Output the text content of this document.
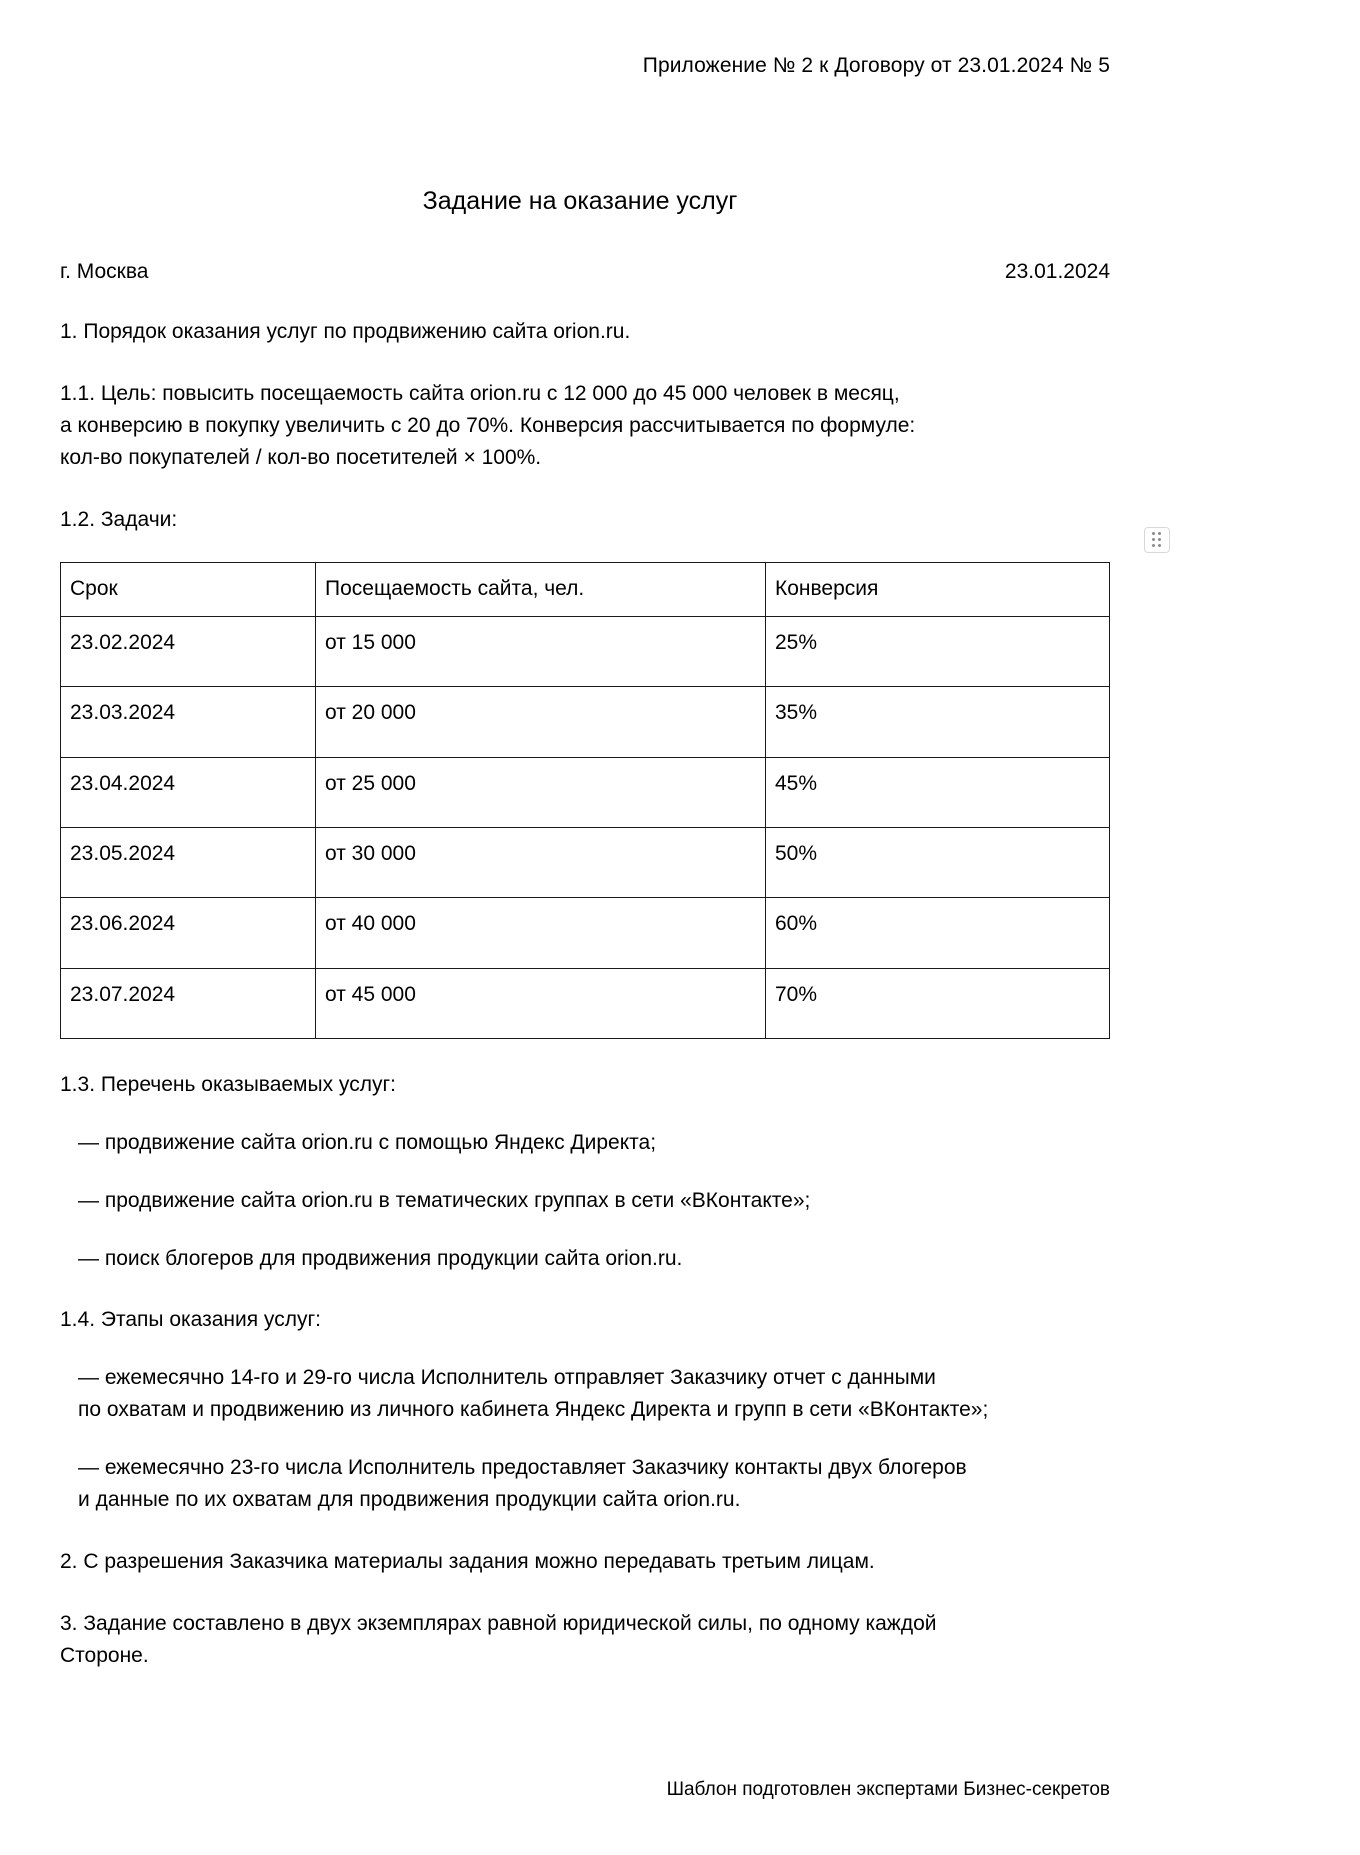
Приложение № 2 к Договору от 23.01.2024 № 5
Задание на оказание услуг
г. Москва	23.01.2024

1. Порядок оказания услуг по продвижению сайта orion.ru.

1.1. Цель: повысить посещаемость сайта orion.ru с 12 000 до 45 000 человек в месяц,
а конверсию в покупку увеличить с 20 до 70%. Конверсия рассчитывается по формуле:
кол-во покупателей / кол-во посетителей × 100%.

1.2. Задачи:

Срок	Посещаемость сайта, чел.	Конверсия
23.02.2024	от 15 000	25%
23.03.2024	от 20 000	35%
23.04.2024	от 25 000	45%
23.05.2024	от 30 000	50%
23.06.2024	от 40 000	60%
23.07.2024	от 45 000	70%

1.3. Перечень оказываемых услуг:

— продвижение сайта orion.ru с помощью Яндекс Директа;

— продвижение сайта orion.ru в тематических группах в сети «ВКонтакте»;

— поиск блогеров для продвижения продукции сайта orion.ru.

1.4. Этапы оказания услуг:

— ежемесячно 14-го и 29-го числа Исполнитель отправляет Заказчику отчет с данными
по охватам и продвижению из личного кабинета Яндекс Директа и групп в сети «ВКонтакте»;

— ежемесячно 23-го числа Исполнитель предоставляет Заказчику контакты двух блогеров
и данные по их охватам для продвижения продукции сайта orion.ru.

2. С разрешения Заказчика материалы задания можно передавать третьим лицам.

3. Задание составлено в двух экземплярах равной юридической силы, по одному каждой
Стороне.

Шаблон подготовлен экспертами Бизнес-секретов
